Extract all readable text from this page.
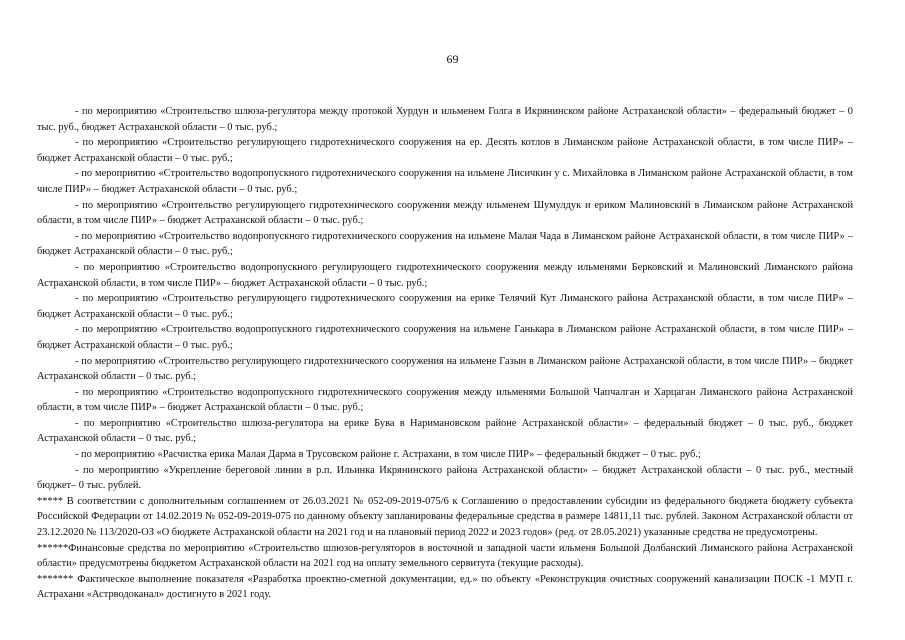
69

- по мероприятию «Строительство шлюза-регулятора между протокой Хурдун и ильменем Голга в Икрянинском районе Астраханской области» – федеральный бюджет – 0 тыс. руб., бюджет Астраханской области – 0 тыс. руб.;

- по мероприятию «Строительство регулирующего гидротехнического сооружения на ер. Десять котлов в Лиманском районе Астраханской области, в том числе ПИР» – бюджет Астраханской области – 0 тыс. руб.;

- по мероприятию «Строительство водопропускного гидротехнического сооружения на ильмене Лисичкин у с. Михайловка в Лиманском районе Астраханской области, в том числе ПИР» – бюджет Астраханской области – 0 тыс. руб.;

- по мероприятию «Строительство регулирующего гидротехнического сооружения между ильменем Шумулдук и ериком Малиновский в Лиманском районе Астраханской области, в том числе ПИР» – бюджет Астраханской области – 0 тыс. руб.;

- по мероприятию «Строительство водопропускного гидротехнического сооружения на ильмене Малая Чада в Лиманском районе Астраханской области, в том числе ПИР» – бюджет Астраханской области – 0 тыс. руб.;

- по мероприятию «Строительство водопропускного регулирующего гидротехнического сооружения между ильменями Берковский и Малиновский Лиманского района Астраханской области, в том числе ПИР» – бюджет Астраханской области – 0 тыс. руб.;

- по мероприятию «Строительство регулирующего гидротехнического сооружения на ерике Телячий Кут Лиманского района Астраханской области, в том числе ПИР» – бюджет Астраханской области – 0 тыс. руб.;

- по мероприятию «Строительство водопропускного гидротехнического сооружения на ильмене Ганькара в Лиманском районе Астраханской области, в том числе ПИР» – бюджет Астраханской области – 0 тыс. руб.;

- по мероприятию «Строительство регулирующего гидротехнического сооружения на ильмене Газын в Лиманском районе Астраханской области, в том числе ПИР» – бюджет Астраханской области – 0 тыс. руб.;

- по мероприятию «Строительство водопропускного гидротехнического сооружения между ильменями Большой Чапчалган и Харцаган Лиманского района Астраханской области, в том числе ПИР» – бюджет Астраханской области – 0 тыс. руб.;

- по мероприятию «Строительство шлюза-регулятора на ерике Бува в Наримановском районе Астраханской области» – федеральный бюджет – 0 тыс. руб., бюджет Астраханской области – 0 тыс. руб.;

- по мероприятию «Расчистка ерика Малая Дарма в Трусовском районе г. Астрахани, в том числе ПИР» – федеральный бюджет – 0 тыс. руб.;

- по мероприятию «Укрепление береговой линии в р.п. Ильинка Икрянинского района Астраханской области» – бюджет Астраханской области – 0 тыс. руб., местный бюджет– 0 тыс. рублей.

***** В соответствии с дополнительным соглашением от 26.03.2021 № 052-09-2019-075/6 к Соглашению о предоставлении субсидии из федерального бюджета бюджету субъекта Российской Федерации от 14.02.2019 № 052-09-2019-075 по данному объекту запланированы федеральные средства в размере 14811,11 тыс. рублей. Законом Астраханской области от 23.12.2020 № 113/2020-ОЗ «О бюджете Астраханской области на 2021 год и на плановый период 2022 и 2023 годов» (ред. от 28.05.2021) указанные средства не предусмотрены.

******Финансовые средства по мероприятию «Строительство шлюзов-регуляторов в восточной и западной части ильменя Большой Долбанский Лиманского района Астраханской области» предусмотрены бюджетом Астраханской области на 2021 год на оплату земельного сервитута (текущие расходы).

******* Фактическое выполнение показателя «Разработка проектно-сметной документации, ед.» по объекту «Реконструкция очистных сооружений канализации ПОСК -1 МУП г. Астрахани «Астрводоканал» достигнуто в 2021 году.
